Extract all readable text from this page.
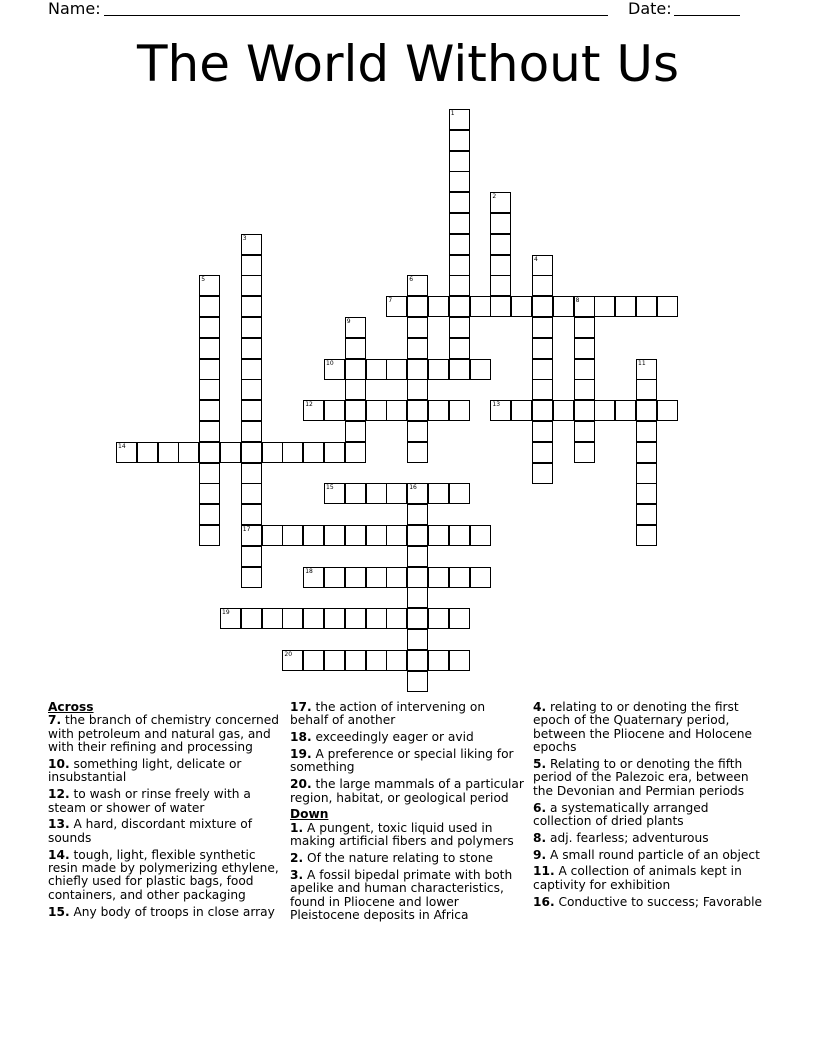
Name:	Date:
The World Without Us
1
2
3
17
4
5	6
7	8
9
10	11
12	13
14
15	16
18
19
20

Across

7. the branch of chemistry concerned with petroleum and natural gas, and with their refining and processing

10. something light, delicate or insubstantial

12. to wash or rinse freely with a steam or shower of water

13. A hard, discordant mixture of sounds

14. tough, light, flexible synthetic resin made by polymerizing ethylene, chiefly used for plastic bags, food containers, and other packaging

15. Any body of troops in close array

17. the action of intervening on behalf of another

18. exceedingly eager or avid

19. A preference or special liking for something

20. the large mammals of a particular region, habitat, or geological period

Down

1. A pungent, toxic liquid used in making artificial fibers and polymers

2. Of the nature relating to stone

3. A fossil bipedal primate with both apelike and human characteristics, found in Pliocene and lower Pleistocene deposits in Africa

4. relating to or denoting the first epoch of the Quaternary period, between the Pliocene and Holocene epochs

5. Relating to or denoting the fifth period of the Palezoic era, between the Devonian and Permian periods

6. a systematically arranged collection of dried plants

8. adj. fearless; adventurous

9. A small round particle of an object

11. A collection of animals kept in captivity for exhibition

16. Conductive to success; Favorable
